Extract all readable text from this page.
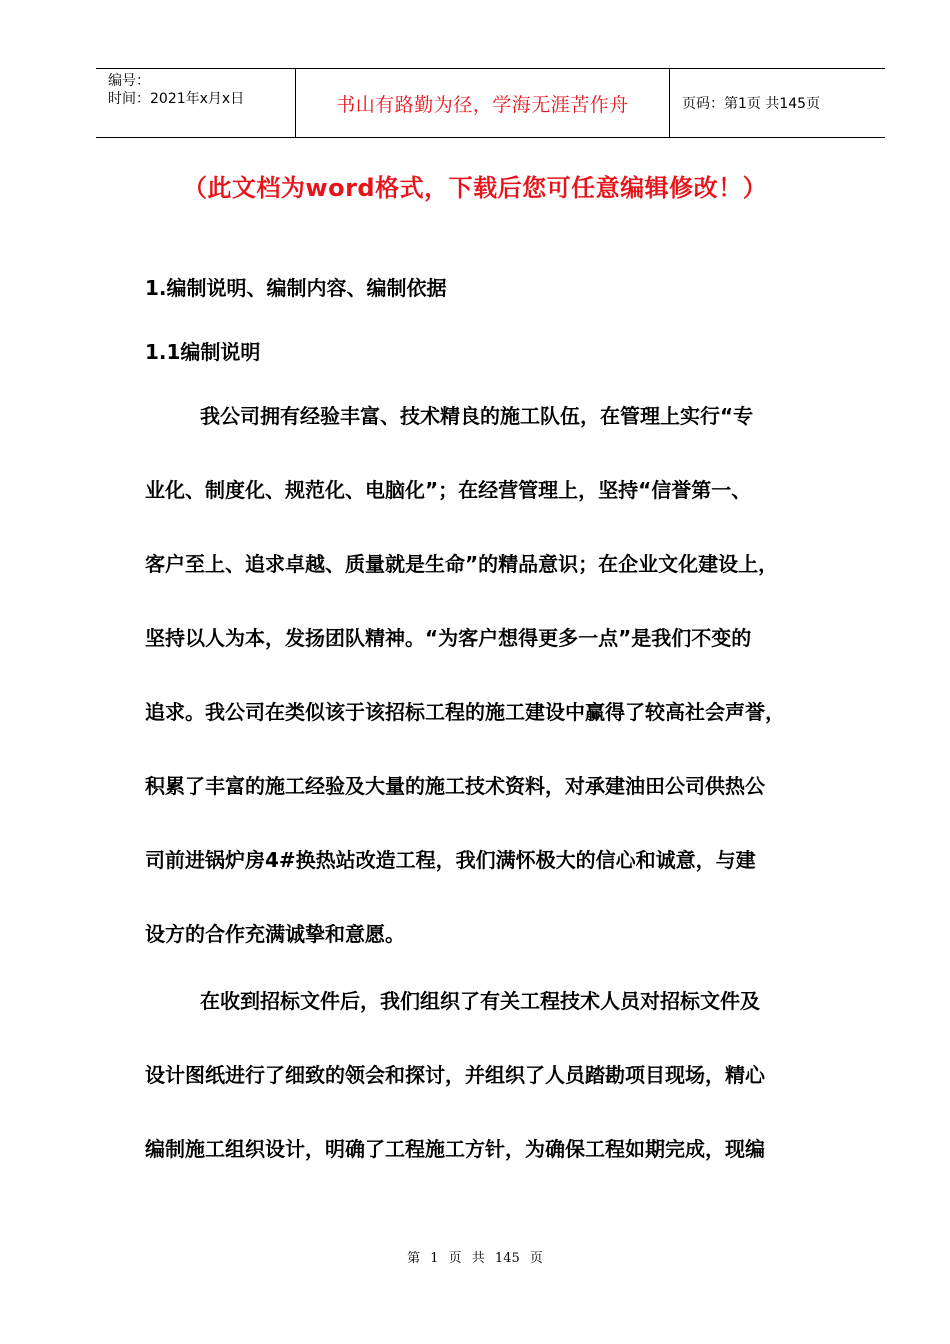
编号：
时间：2021年x月x日	书山有路勤为径，学海无涯苦作舟	页码：第1页 共145页
（此文档为word格式，下载后您可任意编辑修改！）
1.编制说明、编制内容、编制依据
1.1编制说明
我公司拥有经验丰富、技术精良的施工队伍，在管理上实行“专
业化、制度化、规范化、电脑化”；在经营管理上，坚持“信誉第一、
客户至上、追求卓越、质量就是生命”的精品意识；在企业文化建设上，
坚持以人为本，发扬团队精神。“为客户想得更多一点”是我们不变的
追求。我公司在类似该于该招标工程的施工建设中赢得了较高社会声誉，
积累了丰富的施工经验及大量的施工技术资料，对承建油田公司供热公
司前进锅炉房4#换热站改造工程，我们满怀极大的信心和诚意，与建
设方的合作充满诚挚和意愿。
在收到招标文件后，我们组织了有关工程技术人员对招标文件及
设计图纸进行了细致的领会和探讨，并组织了人员踏勘项目现场，精心
编制施工组织设计，明确了工程施工方针，为确保工程如期完成，现编
第 1 页 共 145 页
